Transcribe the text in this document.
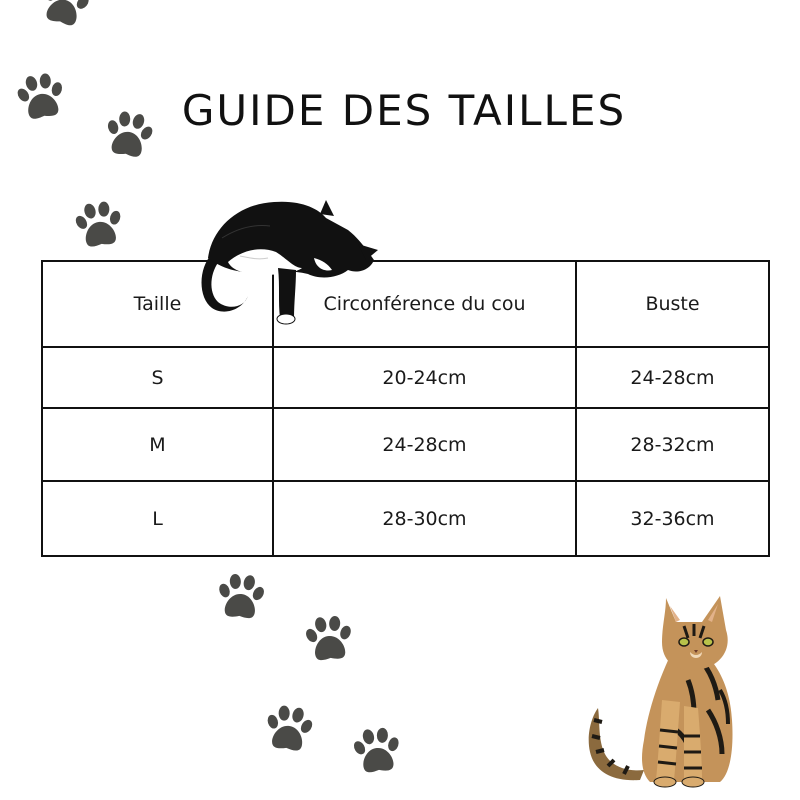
GUIDE DES TAILLES
Taille	Circonférence du cou	Buste
S	20-24cm	24-28cm
M	24-28cm	28-32cm
L	28-30cm	32-36cm
